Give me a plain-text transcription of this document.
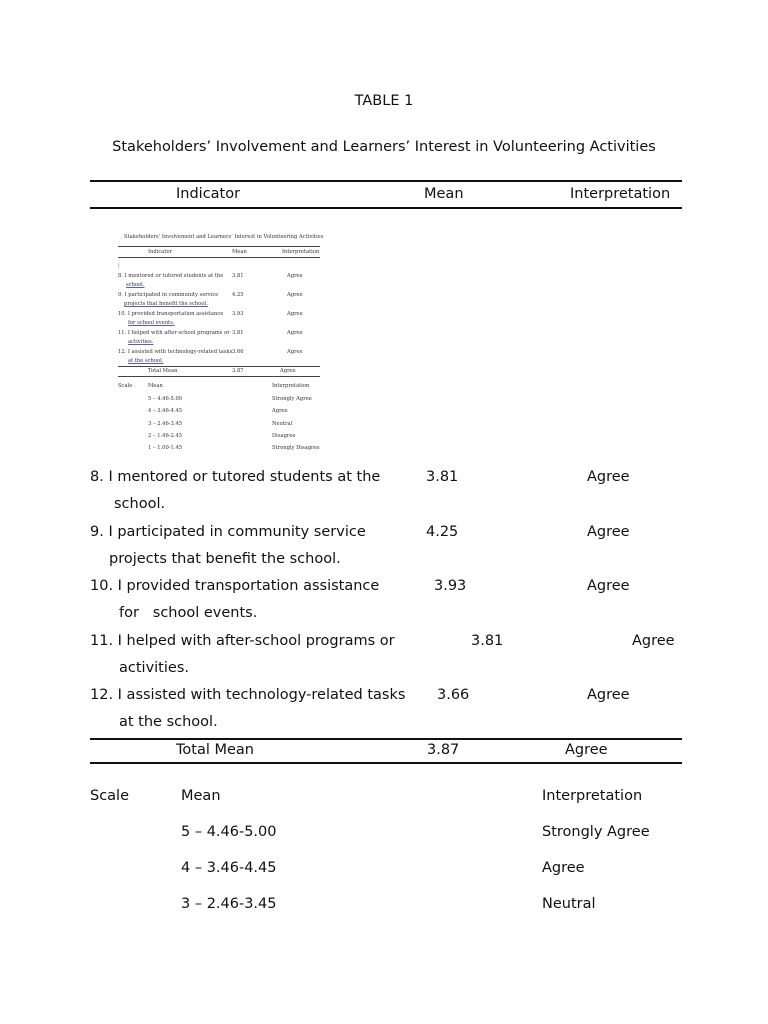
TABLE 1
Stakeholders’ Involvement and Learners’ Interest in Volunteering Activities
Indicator	Mean	Interpretation
Stakeholders’ Involvement and Learners’ Interest in Volunteering Activities
Indicator	Mean	Interpretation
|
8. I mentored or tutored students at the
school.
3.81	Agree
9. I participated in community service
projects that benefit the school.
4.25	Agree
10. I provided transportation assistance
for school events.
3.93	Agree
11. I helped with after-school programs or
activities.
3.81	Agree
12. I assisted with technology-related tasks
at the school.
3.66	Agree
Total Mean	3.87	Agree
Scale	Mean	Interpretation
5 – 4.46-5.00	Strongly Agree
4 – 3.46-4.45	Agree
3 – 2.46-3.45	Neutral
2 – 1.46-2.45	Disagree
1 – 1.00-1.45	Strongly Disagree
8. I mentored or tutored students at the
school.
3.81	Agree
9. I participated in community service
projects that benefit the school.
4.25	Agree
10. I provided transportation assistance
for   school events.
3.93	Agree
11. I helped with after-school programs or
activities.
3.81	Agree
12. I assisted with technology-related tasks
at the school.
3.66	Agree
Total Mean	3.87	Agree
Scale	Mean	Interpretation
5 – 4.46-5.00	Strongly Agree
4 – 3.46-4.45	Agree
3 – 2.46-3.45	Neutral
